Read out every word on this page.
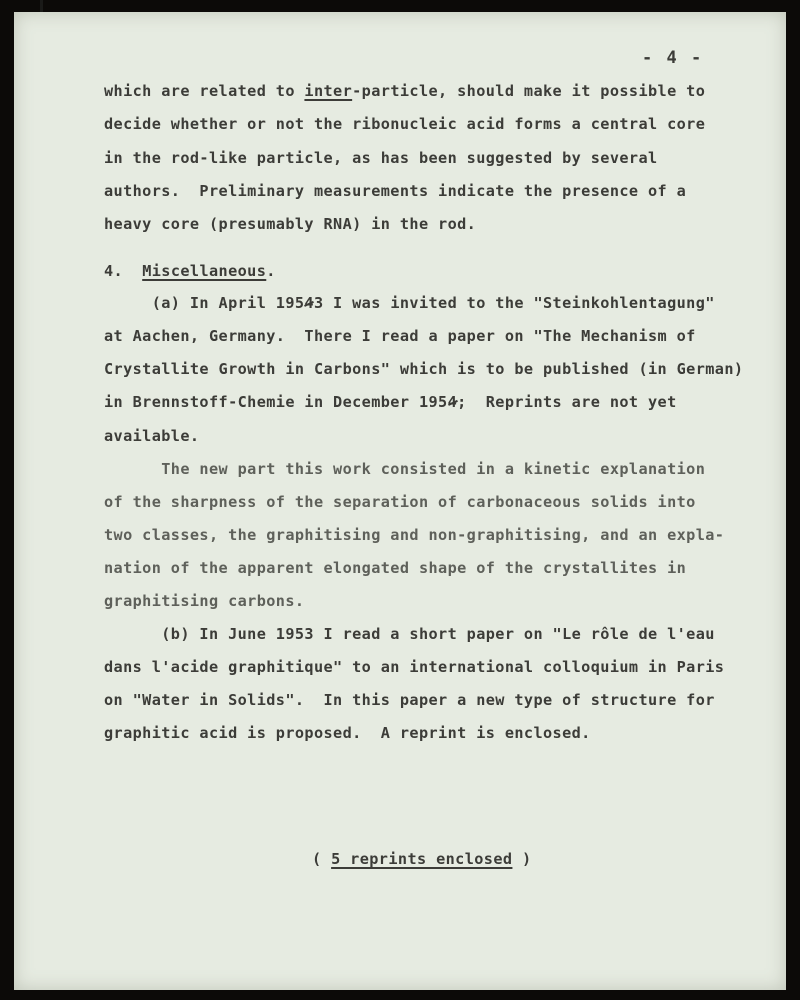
- 4 -
which are related to inter-particle, should make it possible to
decide whether or not the ribonucleic acid forms a central core
in the rod-like particle, as has been suggested by several
authors.  Preliminary measurements indicate the presence of a
heavy core (presumably RNA) in the rod.
4.  Miscellaneous.
(a) In April 19543 I was invited to the "Steinkohlentagung"
at Aachen, Germany.  There I read a paper on "The Mechanism of
Crystallite Growth in Carbons" which is to be published (in German)
in Brennstoff-Chemie in December 1954;  Reprints are not yet
available.
The new part this work consisted in a kinetic explanation
of the sharpness of the separation of carbonaceous solids into
two classes, the graphitising and non-graphitising, and an expla-
nation of the apparent elongated shape of the crystallites in
graphitising carbons.
(b) In June 1953 I read a short paper on "Le rôle de l'eau
dans l'acide graphitique" to an international colloquium in Paris
on "Water in Solids".  In this paper a new type of structure for
graphitic acid is proposed.  A reprint is enclosed.
( 5 reprints enclosed )
